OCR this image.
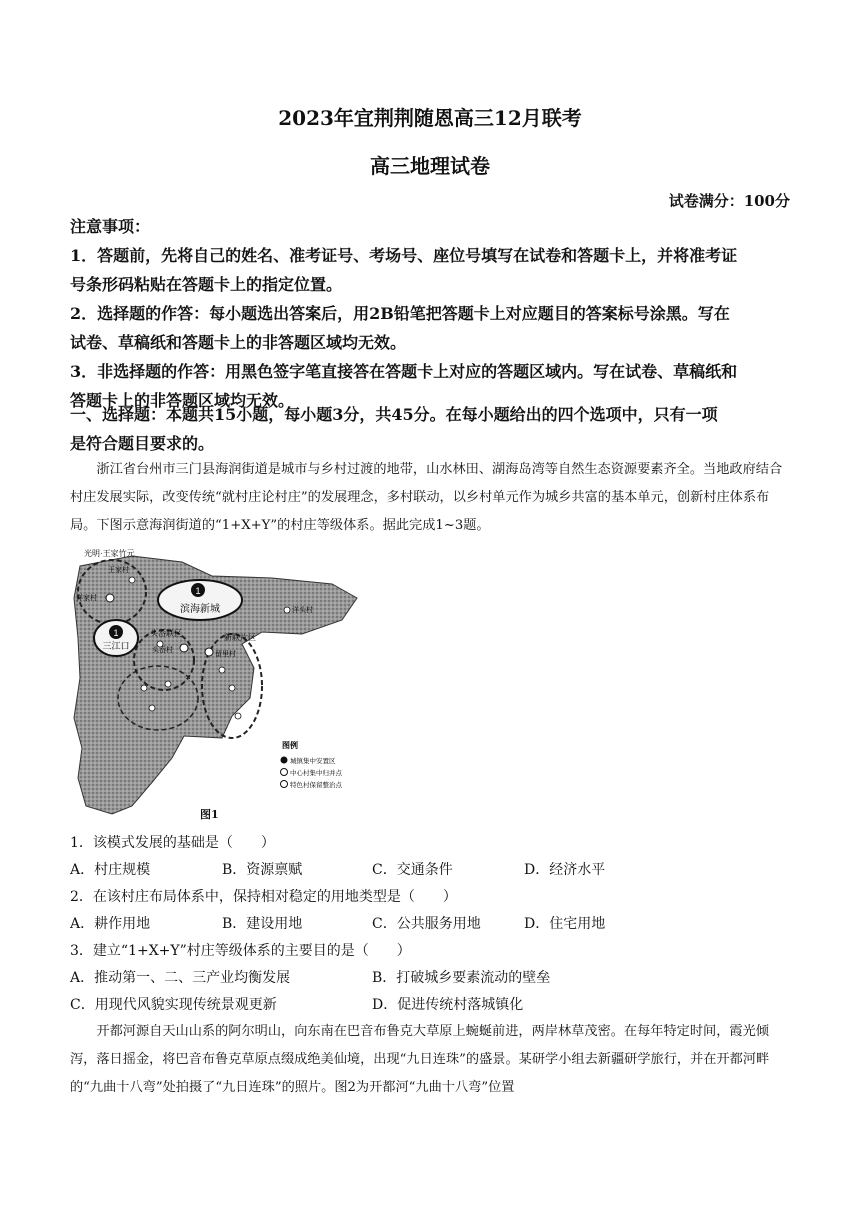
2023年宜荆荆随恩高三12月联考
高三地理试卷
试卷满分：100分
注意事项：
1．答题前，先将自己的姓名、准考证号、考场号、座位号填写在试卷和答题卡上，并将准考证
号条形码粘贴在答题卡上的指定位置。
2．选择题的作答：每小题选出答案后，用2B铅笔把答题卡上对应题目的答案标号涂黑。写在
试卷、草稿纸和答题卡上的非答题区域均无效。
3．非选择题的作答：用黑色签字笔直接答在答题卡上对应的答题区域内。写在试卷、草稿纸和
答题卡上的非答题区域均无效。
一、选择题：本题共15小题，每小题3分，共45分。在每小题给出的四个选项中，只有一项
是符合题目要求的。
浙江省台州市三门县海润街道是城市与乡村过渡的地带，山水林田、湖海岛湾等自然生态资源要素齐全。当地政府结合村庄发展实际，改变传统“就村庄论村庄”的发展理念，多村联动，以乡村单元作为城乡共富的基本单元，创新村庄体系布局。下图示意海润街道的“1+X+Y”的村庄等级体系。据此完成1~3题。
1
滨海新城
1
三江口
光明·王家竹元
王家村
祥家村
头岙联区
头岙村
新联片区
留里村
洋头村
图例
城镇集中安置区
中心村集中归并点
特色村保留整治点
图1
1．该模式发展的基础是（　　）
A．村庄规模	B．资源禀赋	C．交通条件	D．经济水平
2．在该村庄布局体系中，保持相对稳定的用地类型是（　　）
A．耕作用地	B．建设用地	C．公共服务用地	D．住宅用地
3．建立“1+X+Y”村庄等级体系的主要目的是（　　）
A．推动第一、二、三产业均衡发展	B．打破城乡要素流动的壁垒
C．用现代风貌实现传统景观更新	D．促进传统村落城镇化
开都河源自天山山系的阿尔明山，向东南在巴音布鲁克大草原上蜿蜒前进，两岸林草茂密。在每年特定时间，霞光倾泻，落日摇金，将巴音布鲁克草原点缀成绝美仙境，出现“九日连珠”的盛景。某研学小组去新疆研学旅行，并在开都河畔的“九曲十八弯”处拍摄了“九日连珠”的照片。图2为开都河“九曲十八弯”位置
